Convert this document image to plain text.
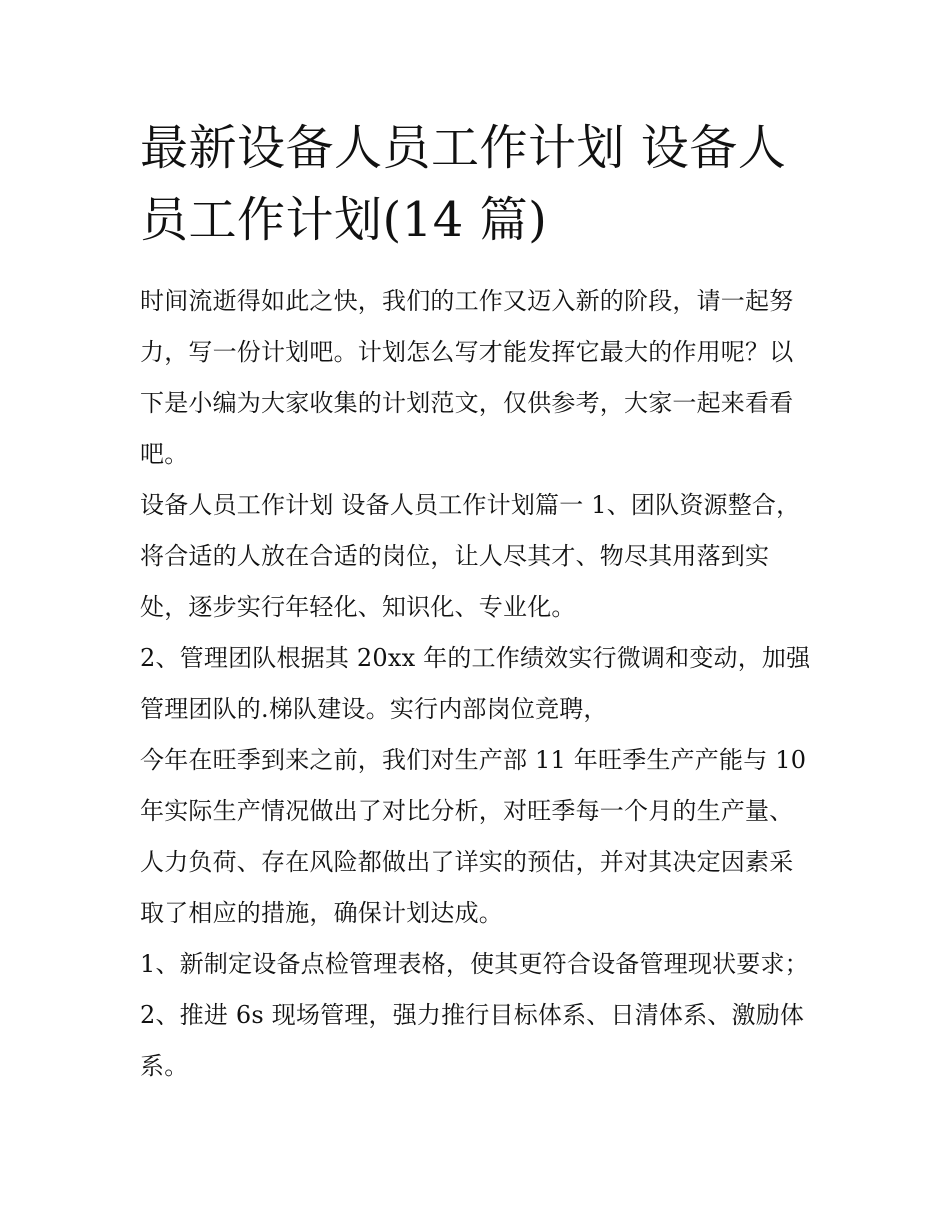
最新设备人员工作计划 设备人员工作计划(14 篇)

时间流逝得如此之快，我们的工作又迈入新的阶段，请一起努力，写一份计划吧。计划怎么写才能发挥它最大的作用呢？以下是小编为大家收集的计划范文，仅供参考，大家一起来看看吧。

设备人员工作计划 设备人员工作计划篇一 1、团队资源整合，将合适的人放在合适的岗位，让人尽其才、物尽其用落到实处，逐步实行年轻化、知识化、专业化。

2、管理团队根据其 20xx 年的工作绩效实行微调和变动，加强管理团队的.梯队建设。实行内部岗位竞聘，

今年在旺季到来之前，我们对生产部 11 年旺季生产产能与 10 年实际生产情况做出了对比分析，对旺季每一个月的生产量、人力负荷、存在风险都做出了详实的预估，并对其决定因素采取了相应的措施，确保计划达成。

1、新制定设备点检管理表格，使其更符合设备管理现状要求； 2、推进 6s 现场管理，强力推行目标体系、日清体系、激励体系。
